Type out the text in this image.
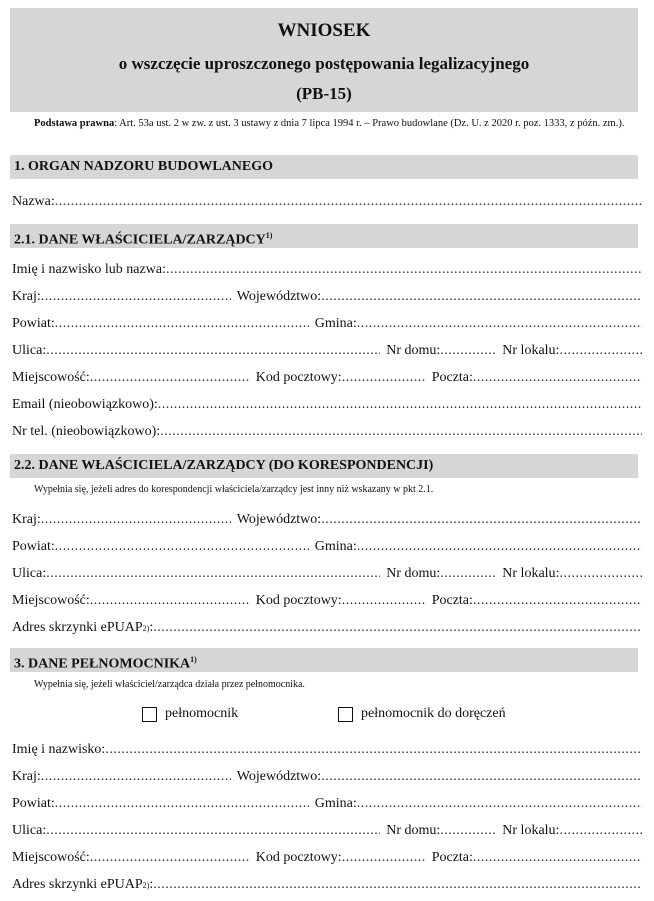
WNIOSEK
o wszczęcie uproszczonego postępowania legalizacyjnego
(PB-15)
Podstawa prawna: Art. 53a ust. 2 w zw. z ust. 3 ustawy z dnia 7 lipca 1994 r. – Prawo budowlane (Dz. U. z 2020 r. poz. 1333, z późn. zm.).
1. ORGAN NADZORU BUDOWLANEGO
Nazwa:
.....
2.1. DANE WŁAŚCICIELA/ZARZĄDCY$^{1)}$
Imię i nazwisko lub nazwa:
.....
Kraj: .....	Województwo:
.....
Powiat: .....	Gmina:
.....
Ulica: .....	Nr domu: .....	Nr lokalu:
.....
Miejscowość: .....	Kod pocztowy: .....	Poczta:
.....
Email (nieobowiązkowo):
.....
Nr tel. (nieobowiązkowo):
.....
2.2. DANE WŁAŚCICIELA/ZARZĄDCY (DO KORESPONDENCJI)
Wypełnia się, jeżeli adres do korespondencji właściciela/zarządcy jest inny niż wskazany w pkt 2.1.
Kraj: .....	Województwo:
.....
Powiat: .....	Gmina:
.....
Ulica: .....	Nr domu: .....	Nr lokalu:
.....
Miejscowość: .....	Kod pocztowy: .....	Poczta:
.....
Adres skrzynki ePUAP 2) :
.....
3. DANE PEŁNOMOCNIKA$^{1)}$
Wypełnia się, jeżeli właściciel/zarządca działa przez pełnomocnika.
pełnomocnik	pełnomocnik do doręczeń
Imię i nazwisko:
.....
Kraj: .....	Województwo:
.....
Powiat: .....	Gmina:
.....
Ulica: .....	Nr domu: .....	Nr lokalu:
.....
Miejscowość: .....	Kod pocztowy: .....	Poczta:
.....
Adres skrzynki ePUAP 2) :
.....
